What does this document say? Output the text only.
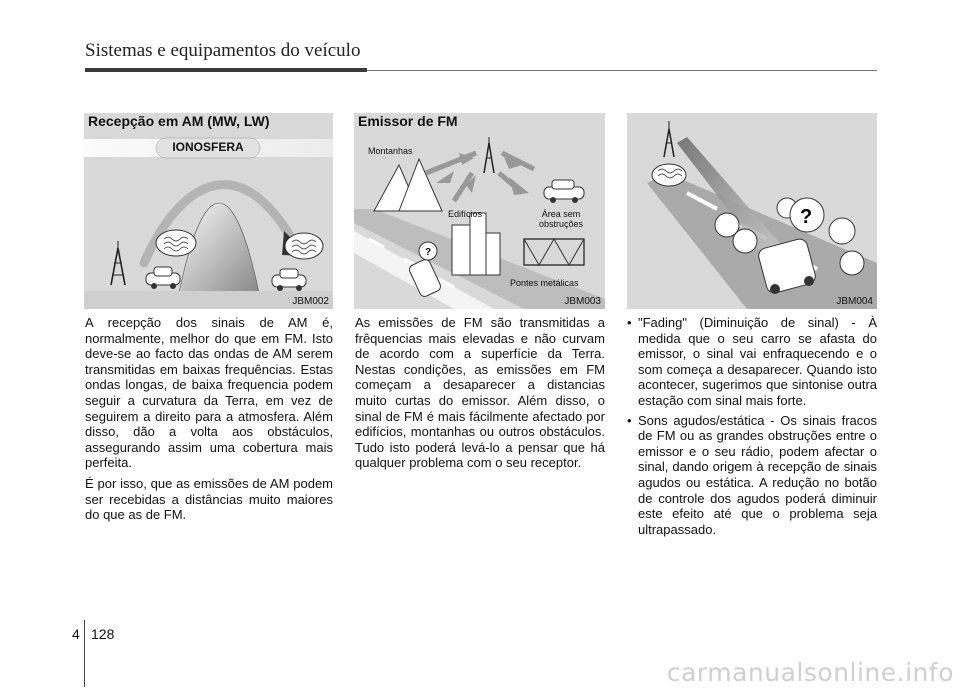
Sistemas e equipamentos do veículo
Recepção em AM (MW, LW)
IONOSFERA
JBM002
?
Emissor de FM
Montanhas
Edifícios	Área sem obstruções
Pontes metálicas
JBM003
?
JBM004

A recepção dos sinais de AM é, normalmente, melhor do que em FM. Isto deve-se ao facto das ondas de AM serem transmitidas em baixas frequências. Estas ondas longas, de baixa frequencia podem seguir a curvatura da Terra, em vez de seguirem a direito para a atmosfera. Além disso, dão a volta aos obstáculos, assegurando assim uma cobertura mais perfeita.

É por isso, que as emissões de AM podem ser recebidas a distâncias muito maiores do que as de FM.

As emissões de FM são transmitidas a frêquencias mais elevadas e não curvam de acordo com a superfície da Terra. Nestas condições, as emissões em FM começam a desaparecer a distancias muito curtas do emissor. Além disso, o sinal de FM é mais fácilmente afectado por edifícios, montanhas ou outros obstáculos. Tudo isto poderá levá-lo a pensar que há qualquer problema com o seu receptor.

• "Fading" (Diminuição de sinal) - À medida que o seu carro se afasta do emissor, o sinal vai enfraquecendo e o som começa a desaparecer. Quando isto acontecer, sugerimos que sintonise outra estação com sinal mais forte.
• Sons agudos/estática - Os sinais fracos de FM ou as grandes obstruções entre o emissor e o seu rádio, podem afectar o sinal, dando origem à recepção de sinais agudos ou estática. A redução no botão de controle dos agudos poderá diminuir este efeito até que o problema seja ultrapassado.
4 128
carmanualsonline.info
